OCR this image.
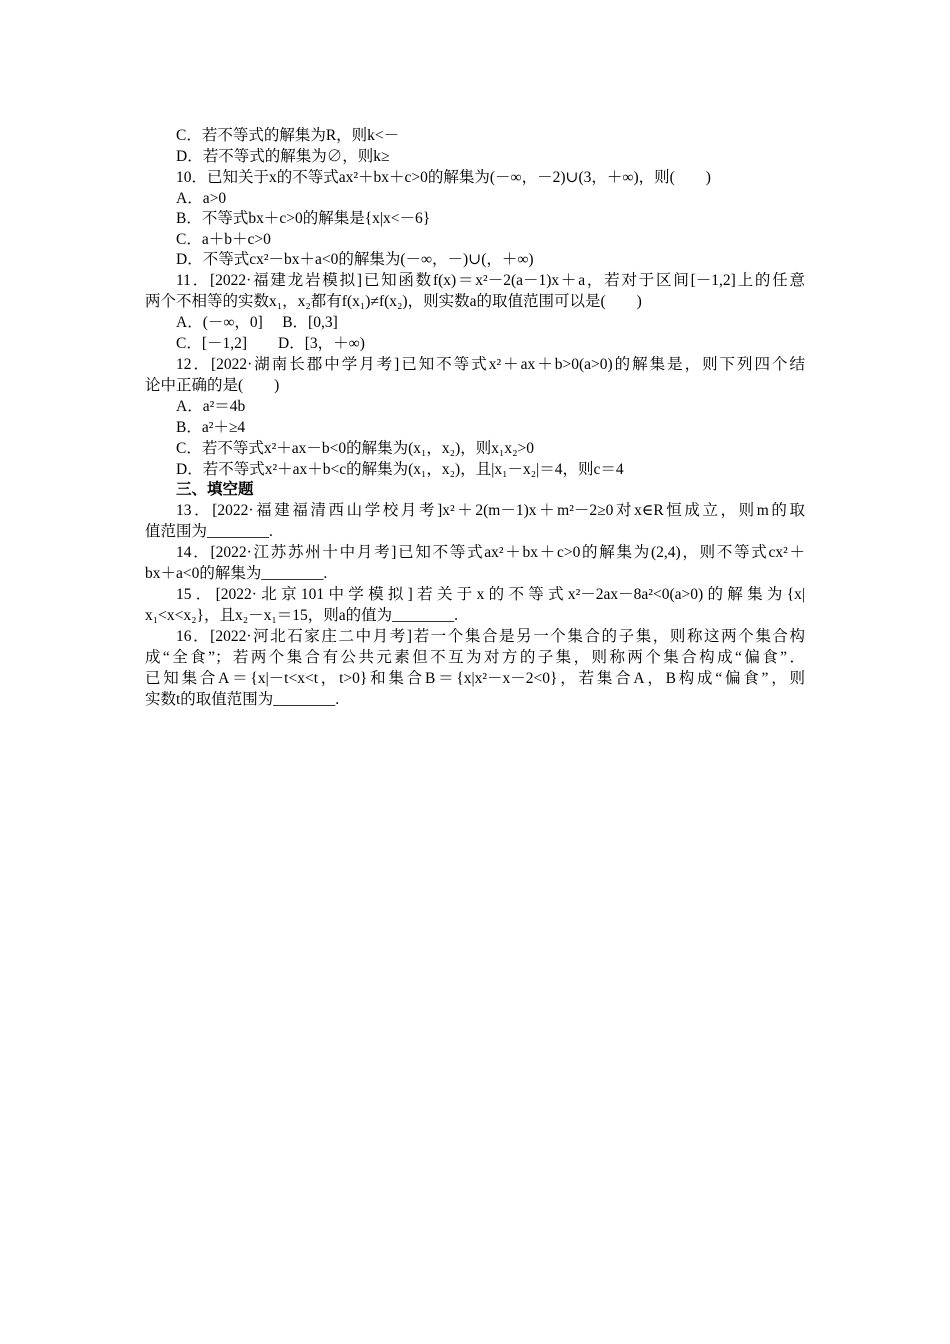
C．若不等式的解集为R，则k<－
D．若不等式的解集为∅，则k≥
10．已知关于x的不等式ax²＋bx＋c>0的解集为(－∞，－2)∪(3，＋∞)，则(　　)
A．a>0
B．不等式bx＋c>0的解集是{x|x<－6}
C．a＋b＋c>0
D．不等式cx²－bx＋a<0的解集为(－∞，－)∪(，＋∞)
11．[2022·福建龙岩模拟]已知函数f(x)＝x²－2(a－1)x＋a，若对于区间[－1,2]上的任意
两个不相等的实数x₁，x₂都有f(x₁)≠f(x₂)，则实数a的取值范围可以是(　　)
A．(－∞，0]　 B．[0,3]
C．[－1,2]　　D．[3，＋∞)
12．[2022·湖南长郡中学月考]已知不等式x²＋ax＋b>0(a>0)的解集是，则下列四个结
论中正确的是(　　)
A．a²＝4b
B．a²＋≥4
C．若不等式x²＋ax－b<0的解集为(x₁，x₂)，则x₁x₂>0
D．若不等式x²＋ax＋b<c的解集为(x₁，x₂)，且|x₁－x₂|＝4，则c＝4
三、填空题
13．[2022·福建福清西山学校月考]x²＋2(m－1)x＋m²－2≥0对x∈R恒成立，则m的取
值范围为________.
14．[2022·江苏苏州十中月考]已知不等式ax²＋bx＋c>0的解集为(2,4)，则不等式cx²＋
bx＋a<0的解集为________.
15．[2022·北京101中学模拟]若关于x的不等式x²－2ax－8a²<0(a>0)的解集为{x|
x₁<x<x₂}，且x₂－x₁＝15，则a的值为________.
16．[2022·河北石家庄二中月考]若一个集合是另一个集合的子集，则称这两个集合构
成“全食”；若两个集合有公共元素但不互为对方的子集，则称两个集合构成“偏食”．
已知集合A＝{x|－t<x<t，t>0}和集合B＝{x|x²－x－2<0}，若集合A，B构成“偏食”，则
实数t的取值范围为________.
